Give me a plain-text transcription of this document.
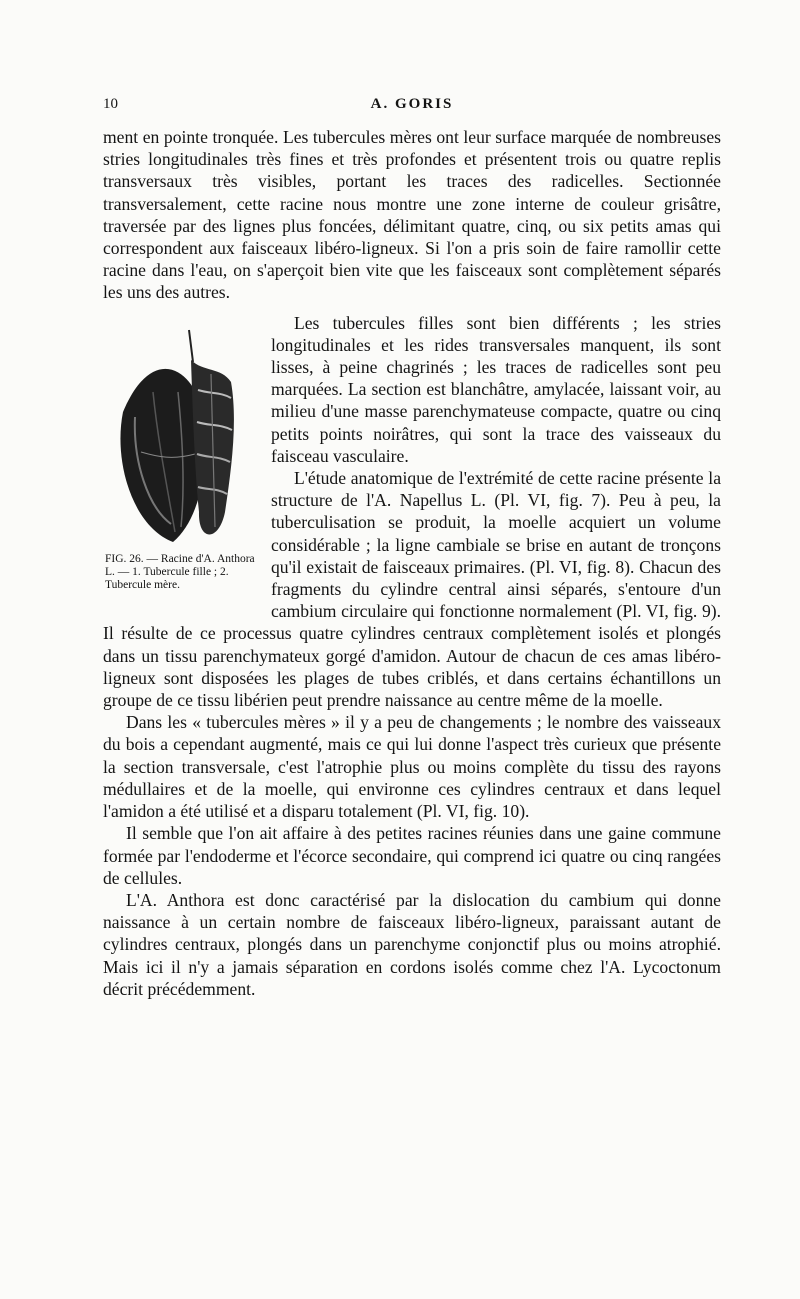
10	A. GORIS

ment en pointe tronquée. Les tubercules mères ont leur surface marquée de nombreuses stries longitudinales très fines et très profondes et présentent trois ou quatre replis transversaux très visibles, portant les traces des radicelles. Sectionnée transversalement, cette racine nous montre une zone interne de couleur grisâtre, traversée par des lignes plus foncées, délimitant quatre, cinq, ou six petits amas qui correspondent aux faisceaux libéro-ligneux. Si l'on a pris soin de faire ramollir cette racine dans l'eau, on s'aperçoit bien vite que les faisceaux sont complètement séparés les uns des autres.

FIG. 26. — Racine d'A. Anthora L. — 1. Tubercule fille ; 2. Tubercule mère.

Les tubercules filles sont bien différents ; les stries longitudinales et les rides transversales manquent, ils sont lisses, à peine chagrinés ; les traces de radicelles sont peu marquées. La section est blanchâtre, amylacée, laissant voir, au milieu d'une masse parenchymateuse compacte, quatre ou cinq petits points noirâtres, qui sont la trace des vaisseaux du faisceau vasculaire.

L'étude anatomique de l'extrémité de cette racine présente la structure de l'A. Napellus L. (Pl. VI, fig. 7). Peu à peu, la tuberculisation se produit, la moelle acquiert un volume considérable ; la ligne cambiale se brise en autant de tronçons qu'il existait de faisceaux primaires. (Pl. VI, fig. 8). Chacun des fragments du cylindre central ainsi séparés, s'entoure d'un cambium circulaire qui fonctionne normalement (Pl. VI, fig. 9). Il résulte de ce processus quatre cylindres centraux complètement isolés et plongés dans un tissu parenchymateux gorgé d'amidon. Autour de chacun de ces amas libéro-ligneux sont disposées les plages de tubes criblés, et dans certains échantillons un groupe de ce tissu libérien peut prendre naissance au centre même de la moelle.

Dans les « tubercules mères » il y a peu de changements ; le nombre des vaisseaux du bois a cependant augmenté, mais ce qui lui donne l'aspect très curieux que présente la section transversale, c'est l'atrophie plus ou moins complète du tissu des rayons médullaires et de la moelle, qui environne ces cylindres centraux et dans lequel l'amidon a été utilisé et a disparu totalement (Pl. VI, fig. 10).

Il semble que l'on ait affaire à des petites racines réunies dans une gaine commune formée par l'endoderme et l'écorce secondaire, qui comprend ici quatre ou cinq rangées de cellules.

L'A. Anthora est donc caractérisé par la dislocation du cambium qui donne naissance à un certain nombre de faisceaux libéro-ligneux, paraissant autant de cylindres centraux, plongés dans un parenchyme conjonctif plus ou moins atrophié. Mais ici il n'y a jamais séparation en cordons isolés comme chez l'A. Lycoctonum décrit précédemment.
